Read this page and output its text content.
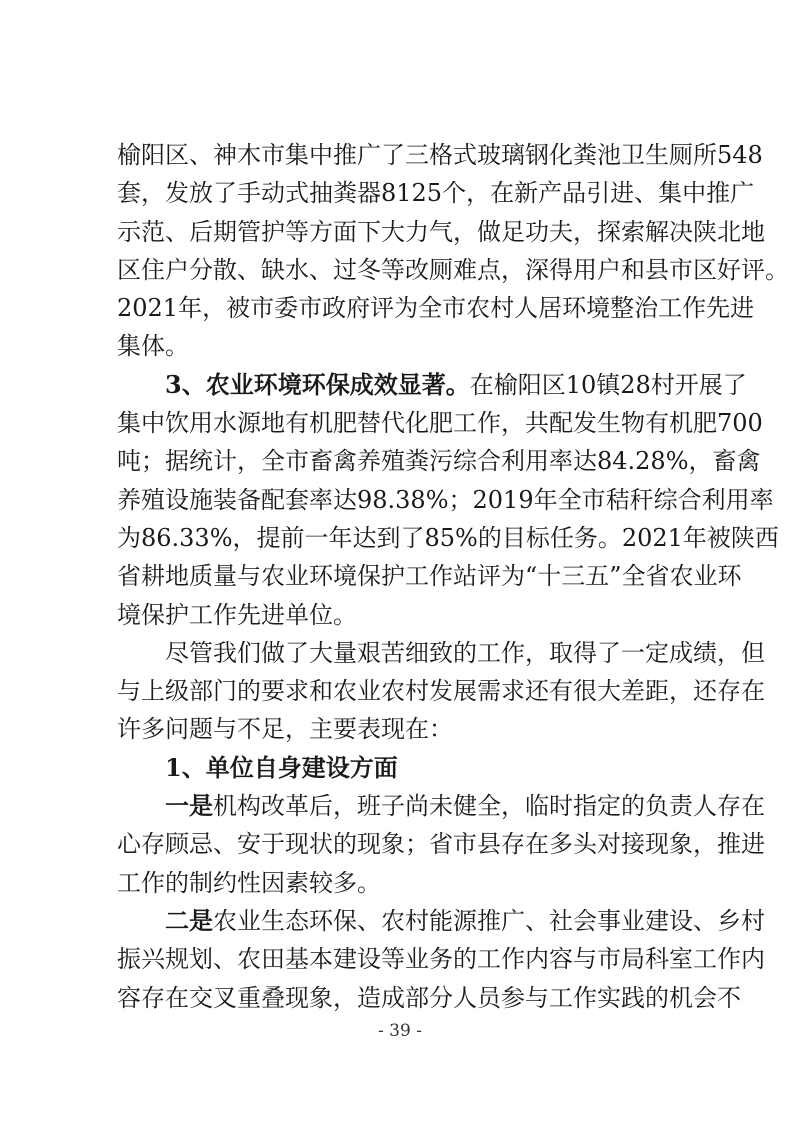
榆阳区、神木市集中推广了三格式玻璃钢化粪池卫生厕所548
套，发放了手动式抽粪器8125个，在新产品引进、集中推广
示范、后期管护等方面下大力气，做足功夫，探索解决陕北地
区住户分散、缺水、过冬等改厕难点，深得用户和县市区好评。
2021年，被市委市政府评为全市农村人居环境整治工作先进
集体。
3、农业环境环保成效显著。在榆阳区10镇28村开展了
集中饮用水源地有机肥替代化肥工作，共配发生物有机肥700
吨；据统计，全市畜禽养殖粪污综合利用率达84.28%，畜禽
养殖设施装备配套率达98.38%；2019年全市秸秆综合利用率
为86.33%，提前一年达到了85%的目标任务。2021年被陕西
省耕地质量与农业环境保护工作站评为“十三五”全省农业环
境保护工作先进单位。
尽管我们做了大量艰苦细致的工作，取得了一定成绩，但
与上级部门的要求和农业农村发展需求还有很大差距，还存在
许多问题与不足，主要表现在：
1、单位自身建设方面
一是机构改革后，班子尚未健全，临时指定的负责人存在
心存顾忌、安于现状的现象；省市县存在多头对接现象，推进
工作的制约性因素较多。
二是农业生态环保、农村能源推广、社会事业建设、乡村
振兴规划、农田基本建设等业务的工作内容与市局科室工作内
容存在交叉重叠现象，造成部分人员参与工作实践的机会不
- 39 -
